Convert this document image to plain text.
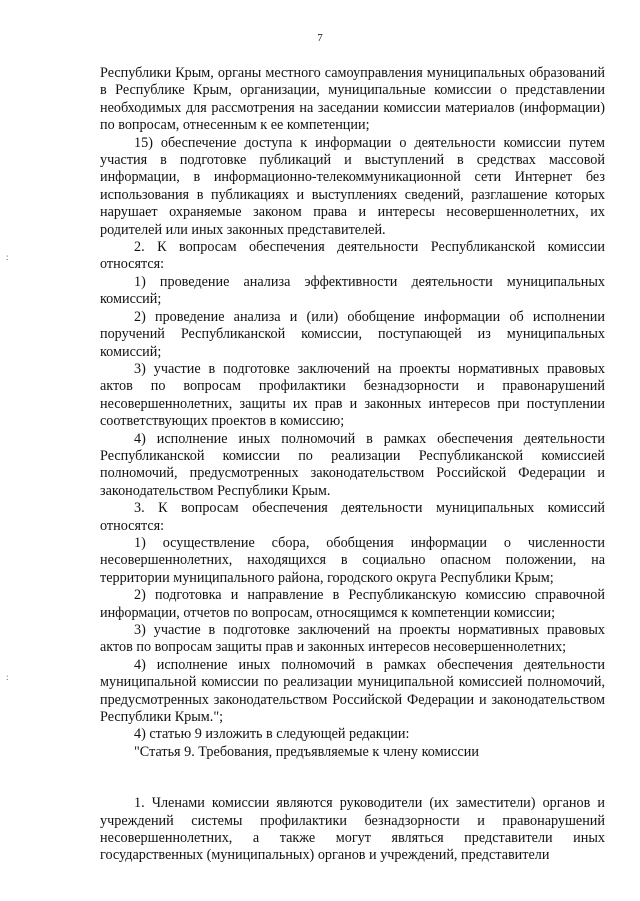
7
:
:

Республики Крым, органы местного самоуправления муниципальных образований в Республике Крым, организации, муниципальные комиссии о представлении необходимых для рассмотрения на заседании комиссии материалов (информации) по вопросам, отнесенным к ее компетенции;

15) обеспечение доступа к информации о деятельности комиссии путем участия в подготовке публикаций и выступлений в средствах массовой информации, в информационно-телекоммуникационной сети Интернет без использования в публикациях и выступлениях сведений, разглашение которых нарушает охраняемые законом права и интересы несовершеннолетних, их родителей или иных законных представителей.

2. К вопросам обеспечения деятельности Республиканской комиссии относятся:

1) проведение анализа эффективности деятельности муниципальных комиссий;

2) проведение анализа и (или) обобщение информации об исполнении поручений Республиканской комиссии, поступающей из муниципальных комиссий;

3) участие в подготовке заключений на проекты нормативных правовых актов по вопросам профилактики безнадзорности и правонарушений несовершеннолетних, защиты их прав и законных интересов при поступлении соответствующих проектов в комиссию;

4) исполнение иных полномочий в рамках обеспечения деятельности Республиканской комиссии по реализации Республиканской комиссией полномочий, предусмотренных законодательством Российской Федерации и законодательством Республики Крым.

3. К вопросам обеспечения деятельности муниципальных комиссий относятся:

1) осуществление сбора, обобщения информации о численности несовершеннолетних, находящихся в социально опасном положении, на территории муниципального района, городского округа Республики Крым;

2) подготовка и направление в Республиканскую комиссию справочной информации, отчетов по вопросам, относящимся к компетенции комиссии;

3) участие в подготовке заключений на проекты нормативных правовых актов по вопросам защиты прав и законных интересов несовершеннолетних;

4) исполнение иных полномочий в рамках обеспечения деятельности муниципальной комиссии по реализации муниципальной комиссией полномочий, предусмотренных законодательством Российской Федерации и законодательством Республики Крым.";

4) статью 9 изложить в следующей редакции:

"Статья 9. Требования, предъявляемые к члену комиссии

1. Членами комиссии являются руководители (их заместители) органов и учреждений системы профилактики безнадзорности и правонарушений несовершеннолетних, а также могут являться представители иных государственных (муниципальных) органов и учреждений, представители
